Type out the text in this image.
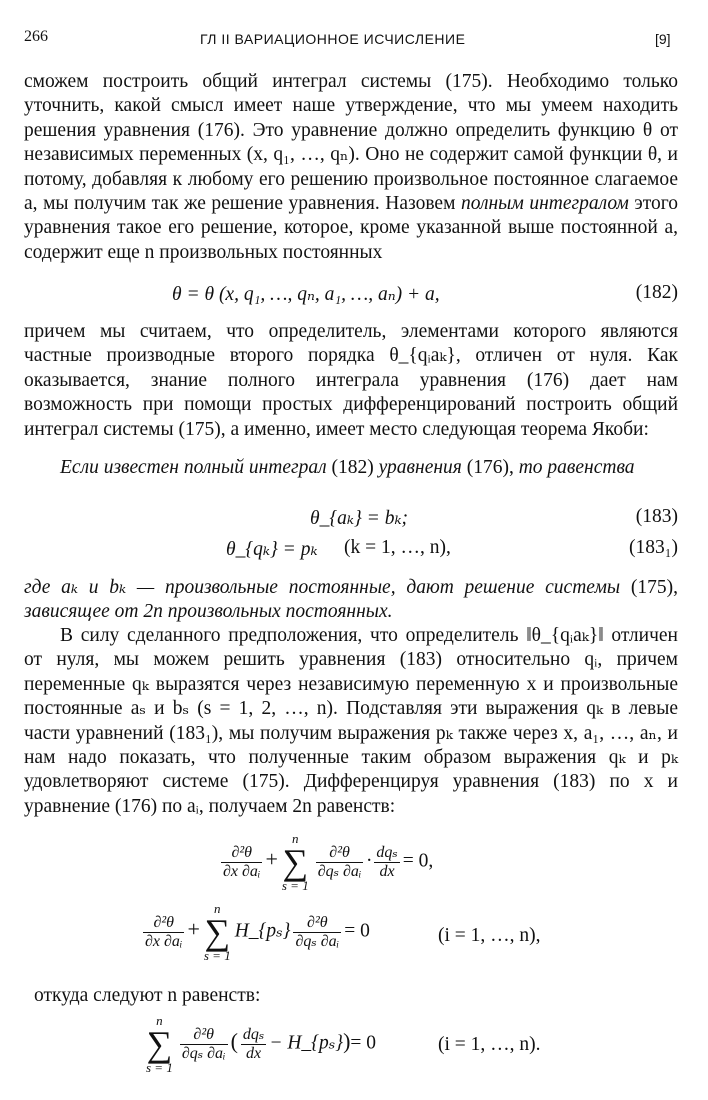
266	ГЛ II ВАРИАЦИОННОЕ ИСЧИСЛЕНИЕ	[9]

сможем построить общий интеграл системы (175). Необходимо только уточнить, какой смысл имеет наше утверждение, что мы умеем находить решения уравнения (176). Это уравнение должно определить функцию θ от независимых переменных (x, q₁, …, qₙ). Оно не содержит самой функции θ, и потому, добавляя к любому его решению произвольное постоянное слагаемое a, мы получим так же решение уравнения. Назовем полным интегралом этого уравнения такое его решение, которое, кроме указанной выше постоянной a, содержит еще n произвольных постоянных

θ = θ (x, q₁, …, qₙ, a₁, …, aₙ) + a,	(182)

причем мы считаем, что определитель, элементами которого являются частные производные второго порядка θ_{qᵢaₖ}, отличен от нуля. Как оказывается, знание полного интеграла уравнения (176) дает нам возможность при помощи простых дифференцирований построить общий интеграл системы (175), а именно, имеет место следующая теорема Якоби:

Если известен полный интеграл (182) уравнения (176), то равенства

θ_{aₖ} = bₖ;	(183)
θ_{qₖ} = pₖ (k = 1, …, n),	(183₁)

где aₖ и bₖ — произвольные постоянные, дают решение системы (175), зависящее от 2n произвольных постоянных.

В силу сделанного предположения, что определитель ‖θ_{qᵢaₖ}‖ отличен от нуля, мы можем решить уравнения (183) относительно qᵢ, причем переменные qₖ выразятся через независимую переменную x и произвольные постоянные aₛ и bₛ (s = 1, 2, …, n). Подставляя эти выражения qₖ в левые части уравнений (183₁), мы получим выражения pₖ также через x, a₁, …, aₙ, и нам надо показать, что полученные таким образом выражения qₖ и pₖ удовлетворяют системе (175). Дифференцируя уравнения (183) по x и уравнение (176) по aᵢ, получаем 2n равенств:

$\frac{\text{∂²θ}}{\text{∂x ∂aᵢ}}$ +
n
∑
s = 1
$\frac{\text{∂²θ}}{\text{∂qₛ ∂aᵢ}} \cdot \frac{\text{dqₛ}}{dx} = 0$,
$\frac{\text{∂²θ}}{\text{∂x ∂aᵢ}}$ +
n
∑
s = 1
H_{pₛ} $\frac{\text{∂²θ}}{\text{∂qₛ ∂aᵢ}} = 0$	(i = 1, …, n),

откуда следуют n равенств:

n
∑
s = 1
$\frac{\text{∂²θ}}{\text{∂qₛ ∂aᵢ}}$ ( $\frac{\text{dqₛ}}{dx}$ − H_{pₛ})= 0	(i = 1, …, n).
